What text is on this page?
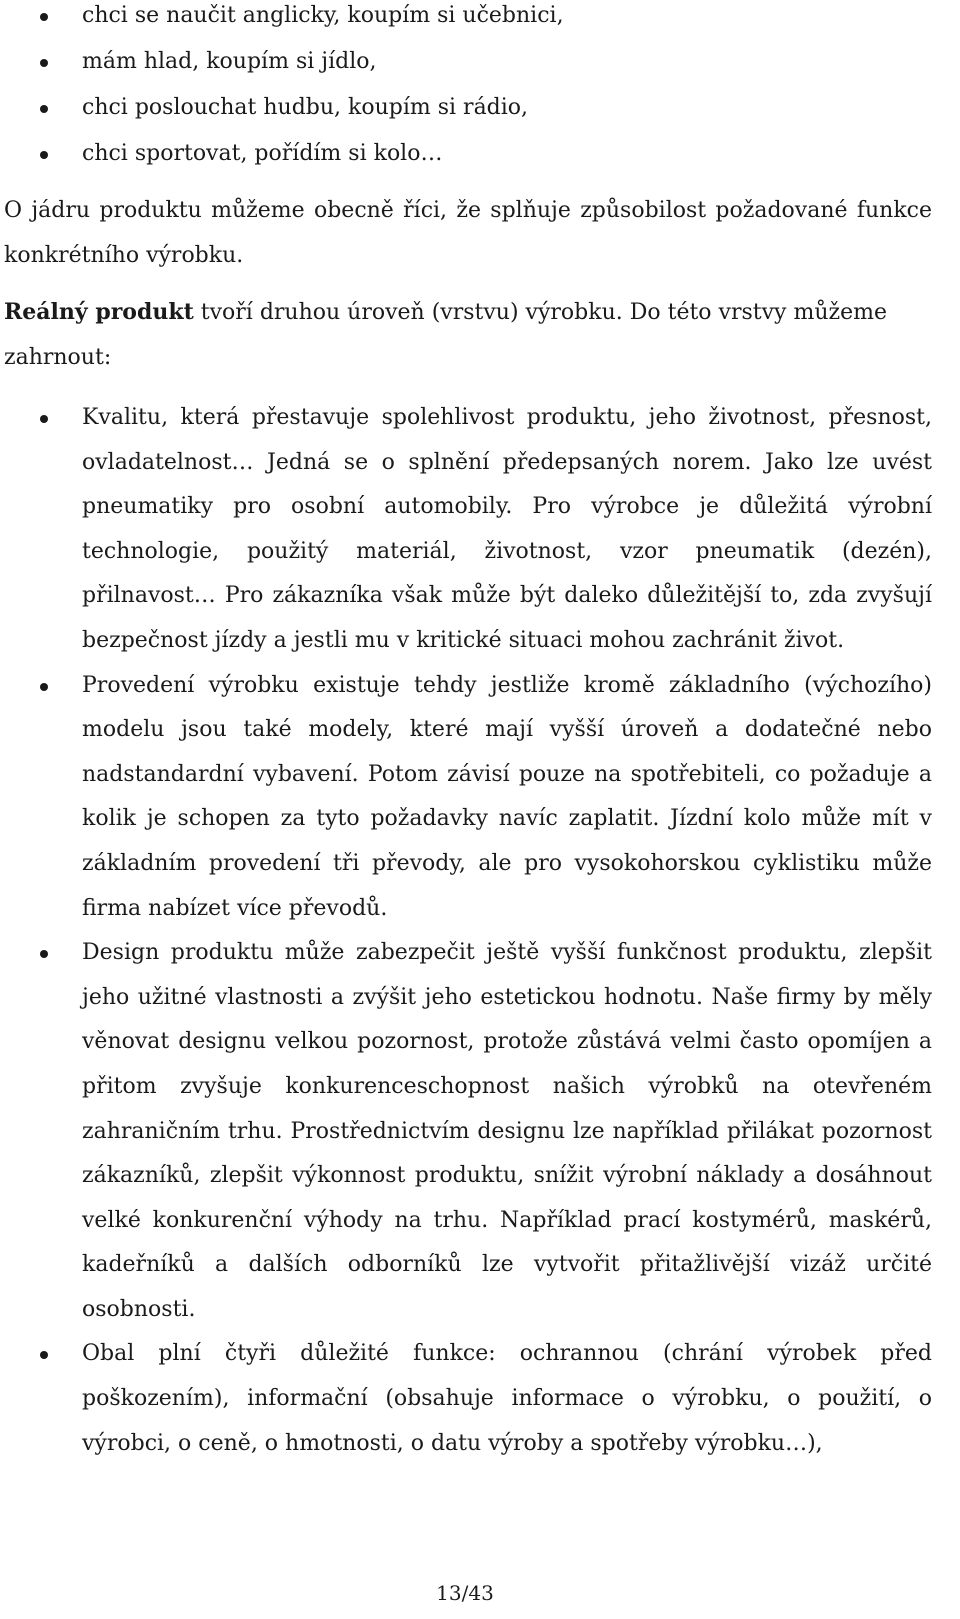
chci se naučit anglicky, koupím si učebnici,
mám hlad, koupím si jídlo,
chci poslouchat hudbu, koupím si rádio,
chci sportovat, pořídím si kolo…

O jádru produktu můžeme obecně říci, že splňuje způsobilost požadované funkce konkrétního výrobku.

Reálný produkt tvoří druhou úroveň (vrstvu) výrobku. Do této vrstvy můžeme zahrnout:

Kvalitu, která přestavuje spolehlivost produktu, jeho životnost, přesnost, ovladatelnost… Jedná se o splnění předepsaných norem. Jako lze uvést pneumatiky pro osobní automobily. Pro výrobce je důležitá výrobní technologie, použitý materiál, životnost, vzor pneumatik (dezén), přilnavost… Pro zákazníka však může být daleko důležitější to, zda zvyšují bezpečnost jízdy a jestli mu v kritické situaci mohou zachránit život.
Provedení výrobku existuje tehdy jestliže kromě základního (výchozího) modelu jsou také modely, které mají vyšší úroveň a dodatečné nebo nadstandardní vybavení. Potom závisí pouze na spotřebiteli, co požaduje a kolik je schopen za tyto požadavky navíc zaplatit. Jízdní kolo může mít v základním provedení tři převody, ale pro vysokohorskou cyklistiku může firma nabízet více převodů.
Design produktu může zabezpečit ještě vyšší funkčnost produktu, zlepšit jeho užitné vlastnosti a zvýšit jeho estetickou hodnotu. Naše firmy by měly věnovat designu velkou pozornost, protože zůstává velmi často opomíjen a přitom zvyšuje konkurenceschopnost našich výrobků na otevřeném zahraničním trhu. Prostřednictvím designu lze například přilákat pozornost zákazníků, zlepšit výkonnost produktu, snížit výrobní náklady a dosáhnout velké konkurenční výhody na trhu. Například prací kostymérů, maskérů, kadeřníků a dalších odborníků lze vytvořit přitažlivější vizáž určité osobnosti.
Obal plní čtyři důležité funkce: ochrannou (chrání výrobek před poškozením), informační (obsahuje informace o výrobku, o použití, o výrobci, o ceně, o hmotnosti, o datu výroby a spotřeby výrobku…),
13/43
